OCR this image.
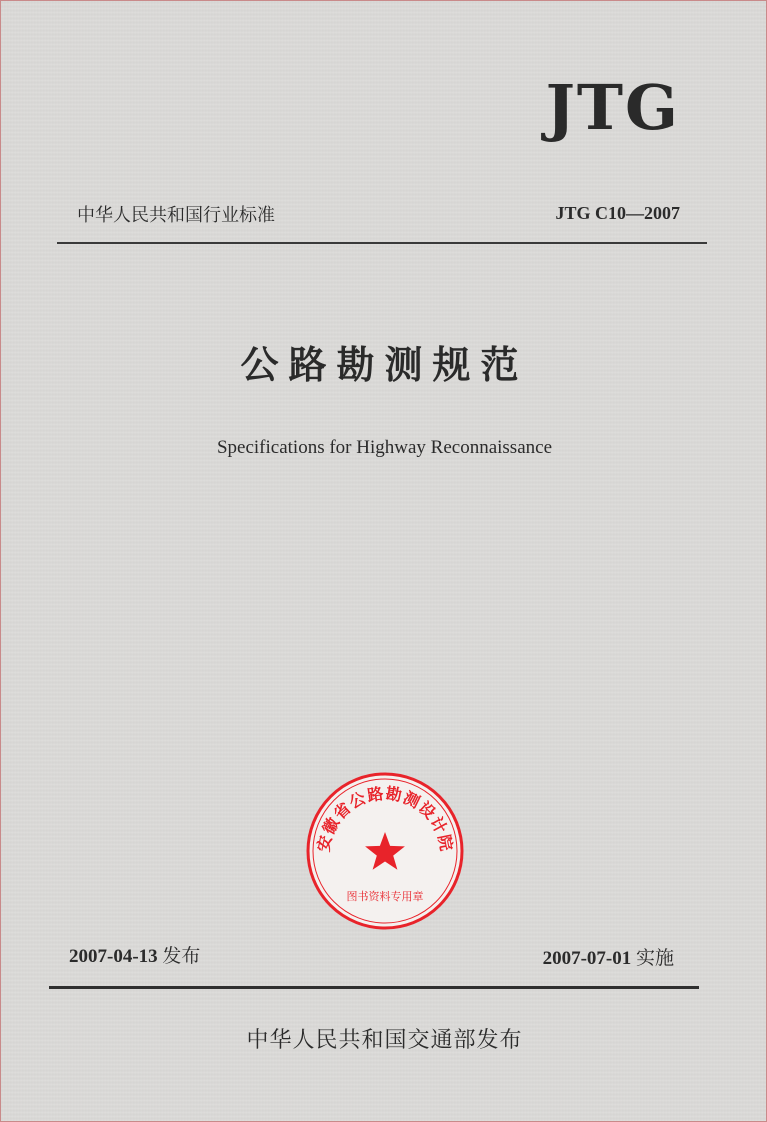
JTG
中华人民共和国行业标准	JTG C10—2007
公路勘测规范
Specifications for Highway Reconnaissance
安徽省公路勘测设计院
图书资料专用章
2007-04-13 发布	2007-07-01 实施
中华人民共和国交通部发布
